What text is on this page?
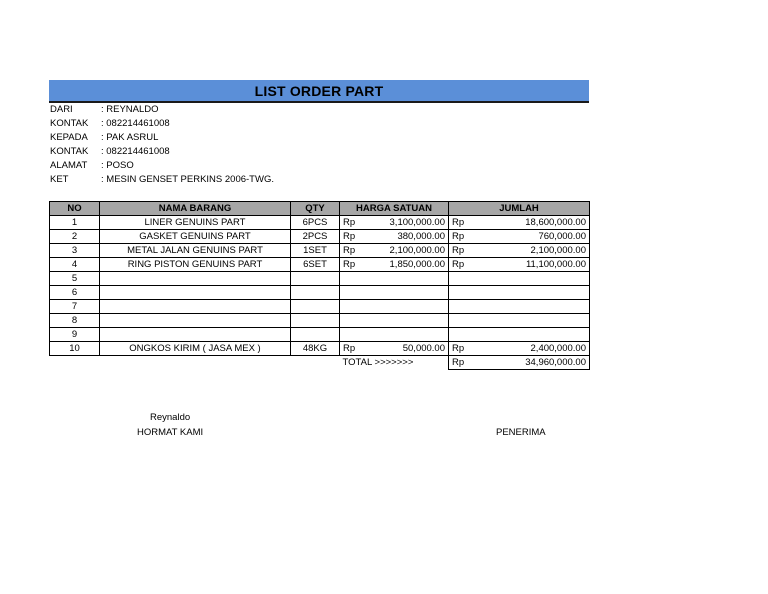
LIST ORDER PART
DARI	: REYNALDO
KONTAK : 082214461008
KEPADA : PAK ASRUL
KONTAK : 082214461008
ALAMAT : POSO
KET	: MESIN GENSET PERKINS 2006-TWG.
NO	NAMA BARANG	QTY	HARGA SATUAN		JUMLAH	
1	LINER GENUINS PART	6PCS	Rp	3,100,000.00	Rp	18,600,000.00
2	GASKET GENUINS PART	2PCS	Rp	380,000.00	Rp	760,000.00
3	METAL JALAN GENUINS PART	1SET	Rp	2,100,000.00	Rp	2,100,000.00
4	RING PISTON GENUINS PART	6SET	Rp	1,850,000.00	Rp	11,100,000.00
5						
6						
7						
8						
9						
10	ONGKOS KIRIM ( JASA MEX )	48KG	Rp	50,000.00	Rp	2,400,000.00
			TOTAL >>>>>>>		Rp	34,960,000.00
Reynaldo
HORMAT KAMI	PENERIMA
